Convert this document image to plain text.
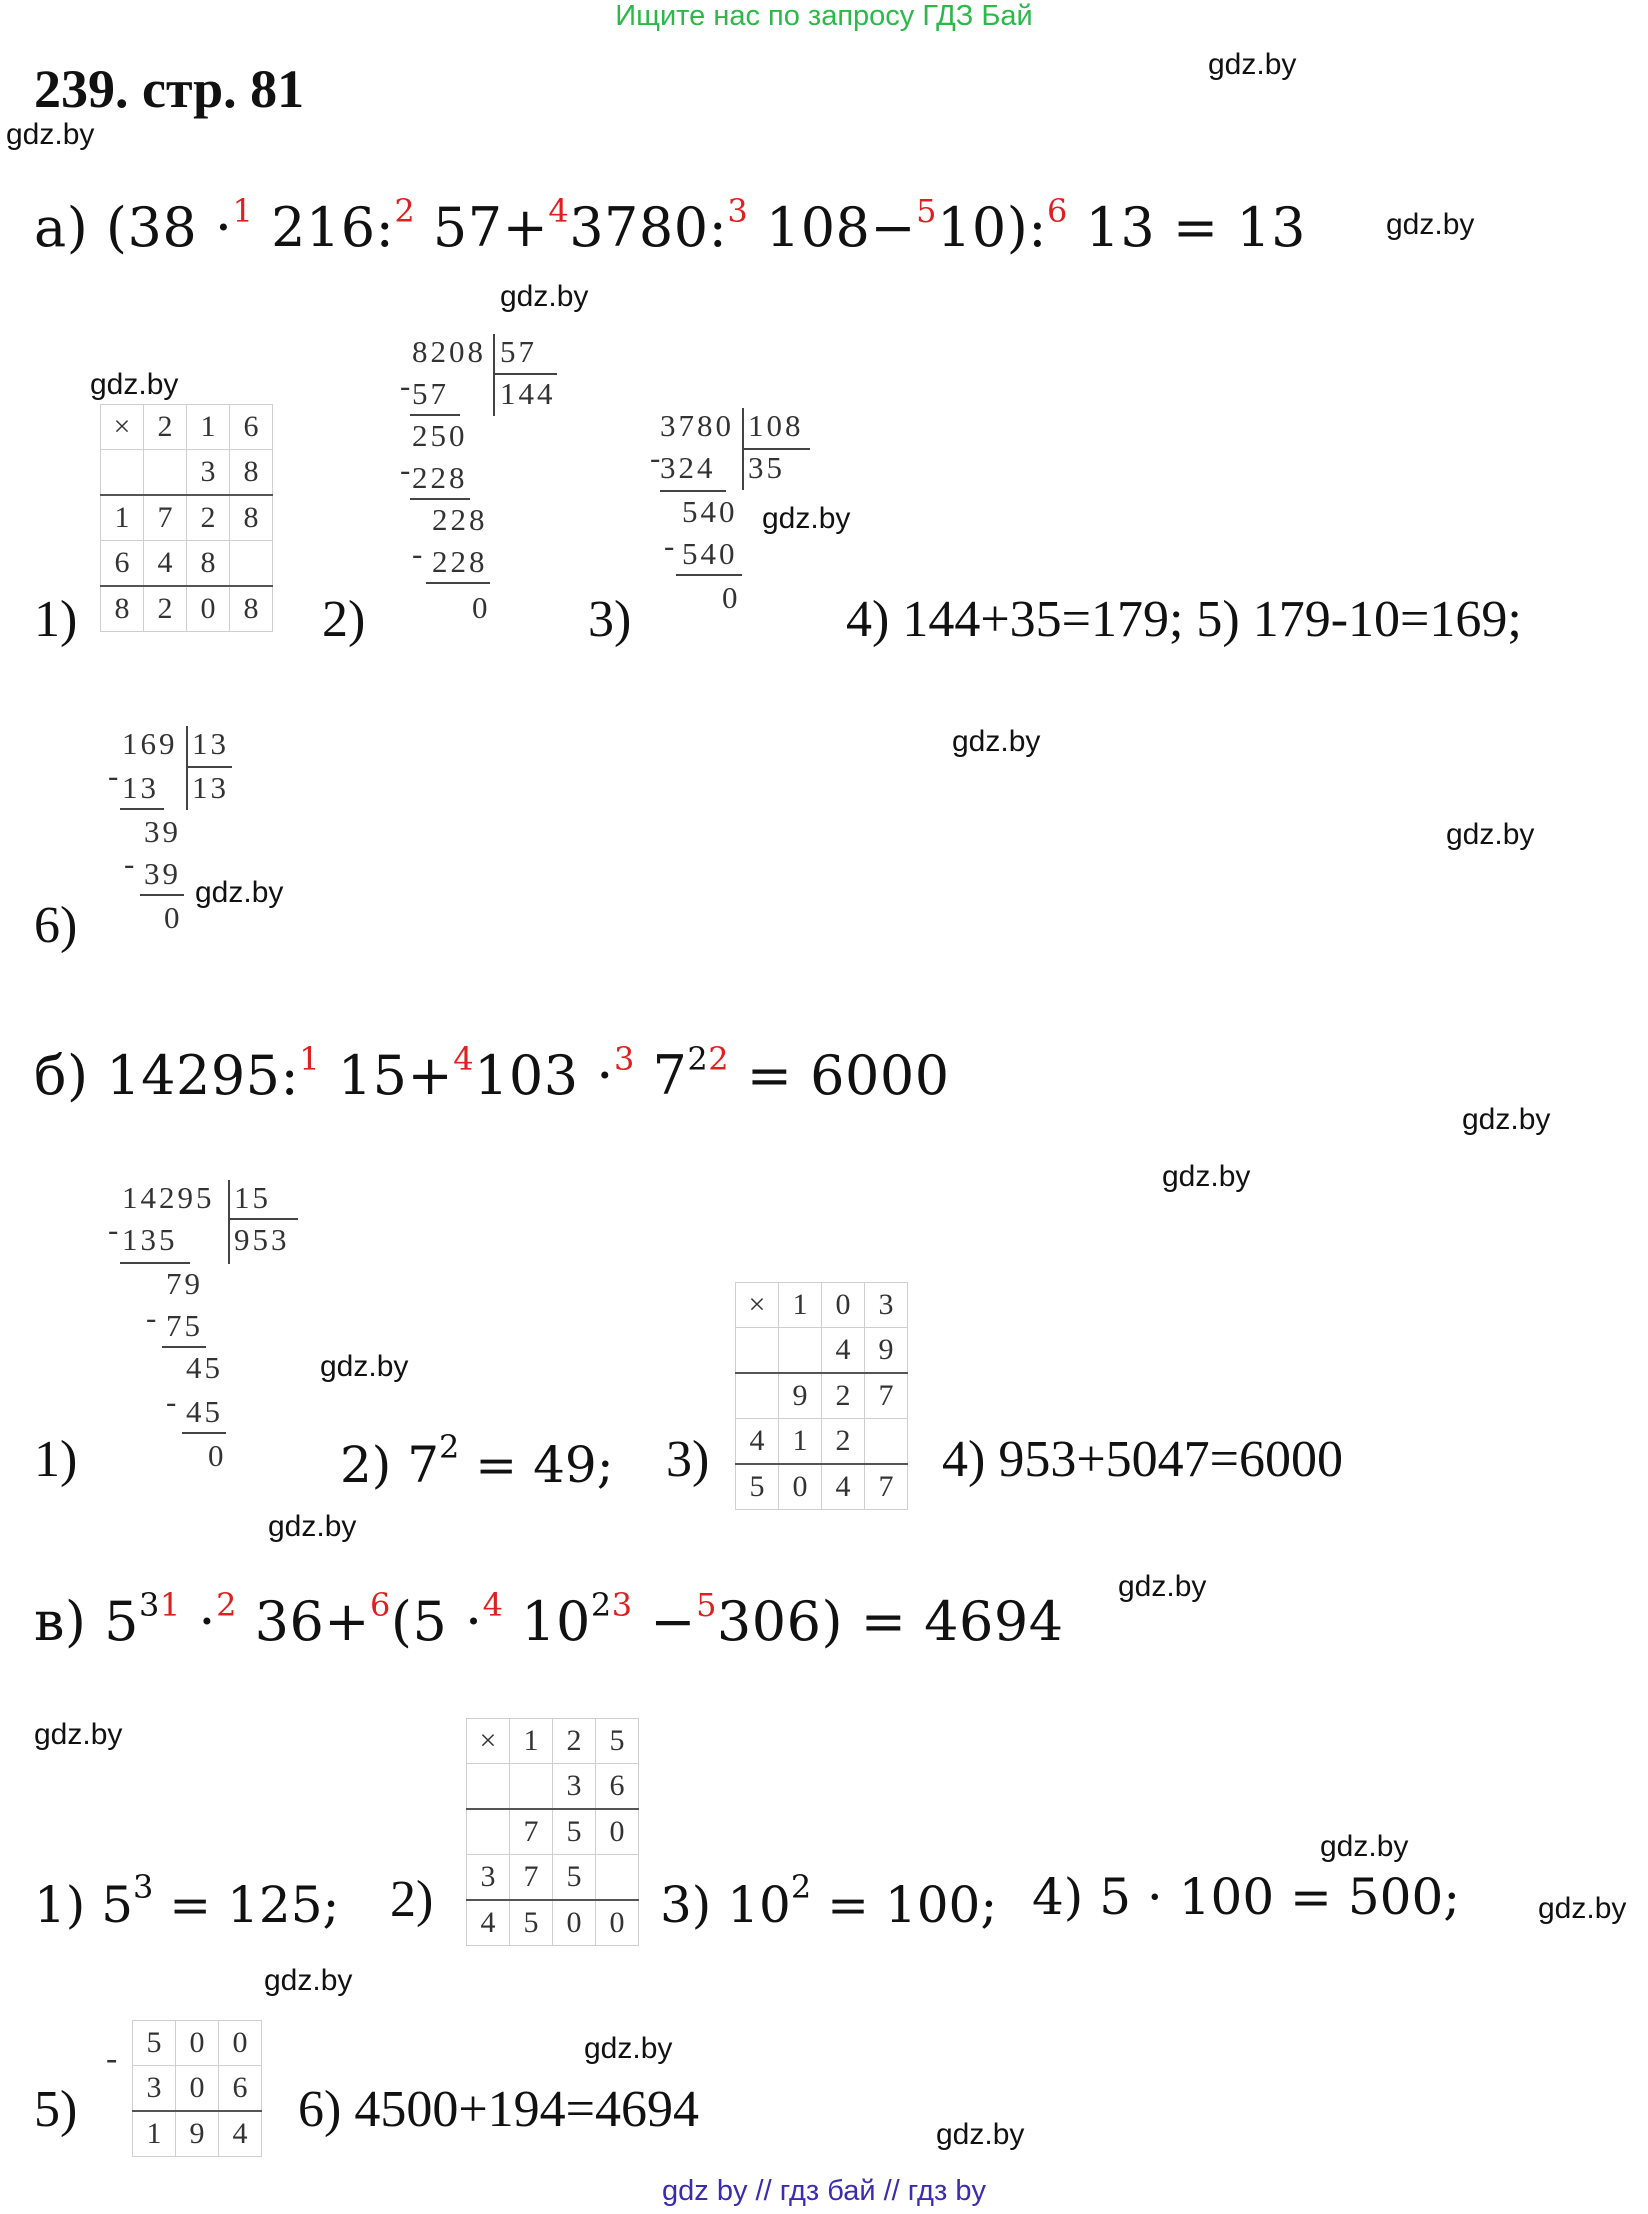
Ищите нас по запросу ГДЗ Бай
239. стр. 81	gdz.by
gdz.by
gdz.by
gdz.by
gdz.by
gdz.by
gdz.by
gdz.by
gdz.by
gdz.by
gdz.by
gdz.by
gdz.by
gdz.by
gdz.by
gdz.by
gdz.by
gdz.by
gdz.by
gdz.by
а) (38 ·$^1$ 216:$^2$ 57+$^4$3780:$^3$ 108−$^5$10):$^6$ 13 = 13
1)
×	2	1	6
		3	8
1	7	2	8
6	4	8	
8	2	0	8 2)
8208 57
144
-
57
250
-
228
228
- 228
0 3)
3780 108
35
-
324
540
- 540
0 4) 144+35=179; 5) 179-10=169;
6)
169 13
13
- 13
39
- 39
0
б) 14295:$^1$ 15+$^4$103 ·$^3$ $7^{22} = 6000$
1)
14295 15
953
- 135
79
- 75
45
- 45
0 2) $7^2 = 49$; 3)
×	1	0	3
		4	9
	9	2	7
4	1	2	
5	0	4	7 4) 953+5047=6000
в) $5^{31} \cdot^2$ 36+$^6$(5 ·$^4$ $10^{23} -^5306) = 4694$
1) $5^3 = 125$; 2)
×	1	2	5
		3	6
	7	5	0
3	7	5	
4	5	0	0 3) $10^2 = 100$; 4) 5 · 100 = 500;
5)
- 5	0	0
3	0	6
1	9	4 6) 4500+194=4694
gdz by // гдз бай // гдз by
